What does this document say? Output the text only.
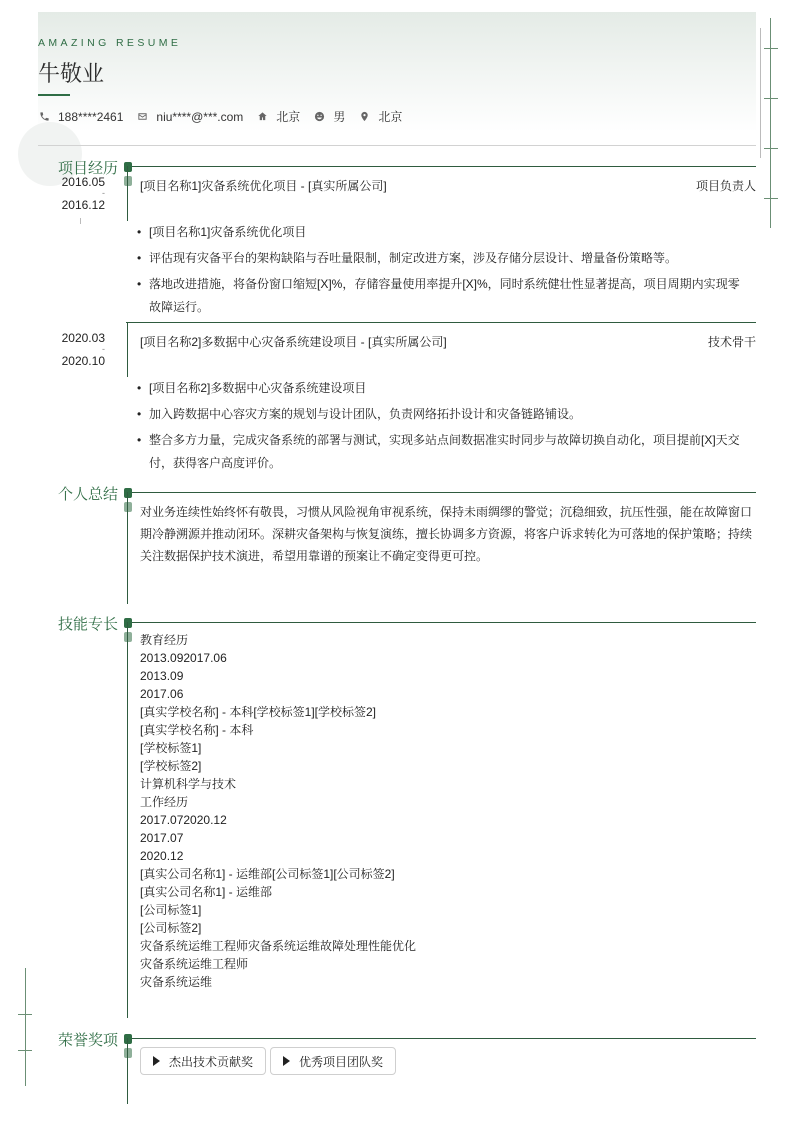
AMAZING RESUME
牛敬业
188****2461	niu****@***.com	北京	男	北京
项目经历
2016.05
-
2016.12
[项目名称1]灾备系统优化项目 - [真实所属公司]	项目负责人
• [项目名称1]灾备系统优化项目
• 评估现有灾备平台的架构缺陷与吞吐量限制，制定改进方案，涉及存储分层设计、增量备份策略等。
• 落地改进措施，将备份窗口缩短[X]%，存储容量使用率提升[X]%，同时系统健壮性显著提高，项目周期内实现零故障运行。
2020.03
-
2020.10
[项目名称2]多数据中心灾备系统建设项目 - [真实所属公司]	技术骨干
• [项目名称2]多数据中心灾备系统建设项目
• 加入跨数据中心容灾方案的规划与设计团队，负责网络拓扑设计和灾备链路铺设。
• 整合多方力量，完成灾备系统的部署与测试，实现多站点间数据准实时同步与故障切换自动化，项目提前[X]天交付，获得客户高度评价。
个人总结
对业务连续性始终怀有敬畏，习惯从风险视角审视系统，保持未雨绸缪的警觉；沉稳细致，抗压性强，能在故障窗口期冷静溯源并推动闭环。深耕灾备架构与恢复演练，擅长协调多方资源，将客户诉求转化为可落地的保护策略；持续关注数据保护技术演进，希望用靠谱的预案让不确定变得更可控。
技能专长
教育经历
2013.092017.06
2013.09
2017.06
[真实学校名称] - 本科[学校标签1][学校标签2]
[真实学校名称] - 本科
[学校标签1]
[学校标签2]
计算机科学与技术
工作经历
2017.072020.12
2017.07
2020.12
[真实公司名称1] - 运维部[公司标签1][公司标签2]
[真实公司名称1] - 运维部
[公司标签1]
[公司标签2]
灾备系统运维工程师灾备系统运维故障处理性能优化
灾备系统运维工程师
灾备系统运维
荣誉奖项
杰出技术贡献奖	优秀项目团队奖
